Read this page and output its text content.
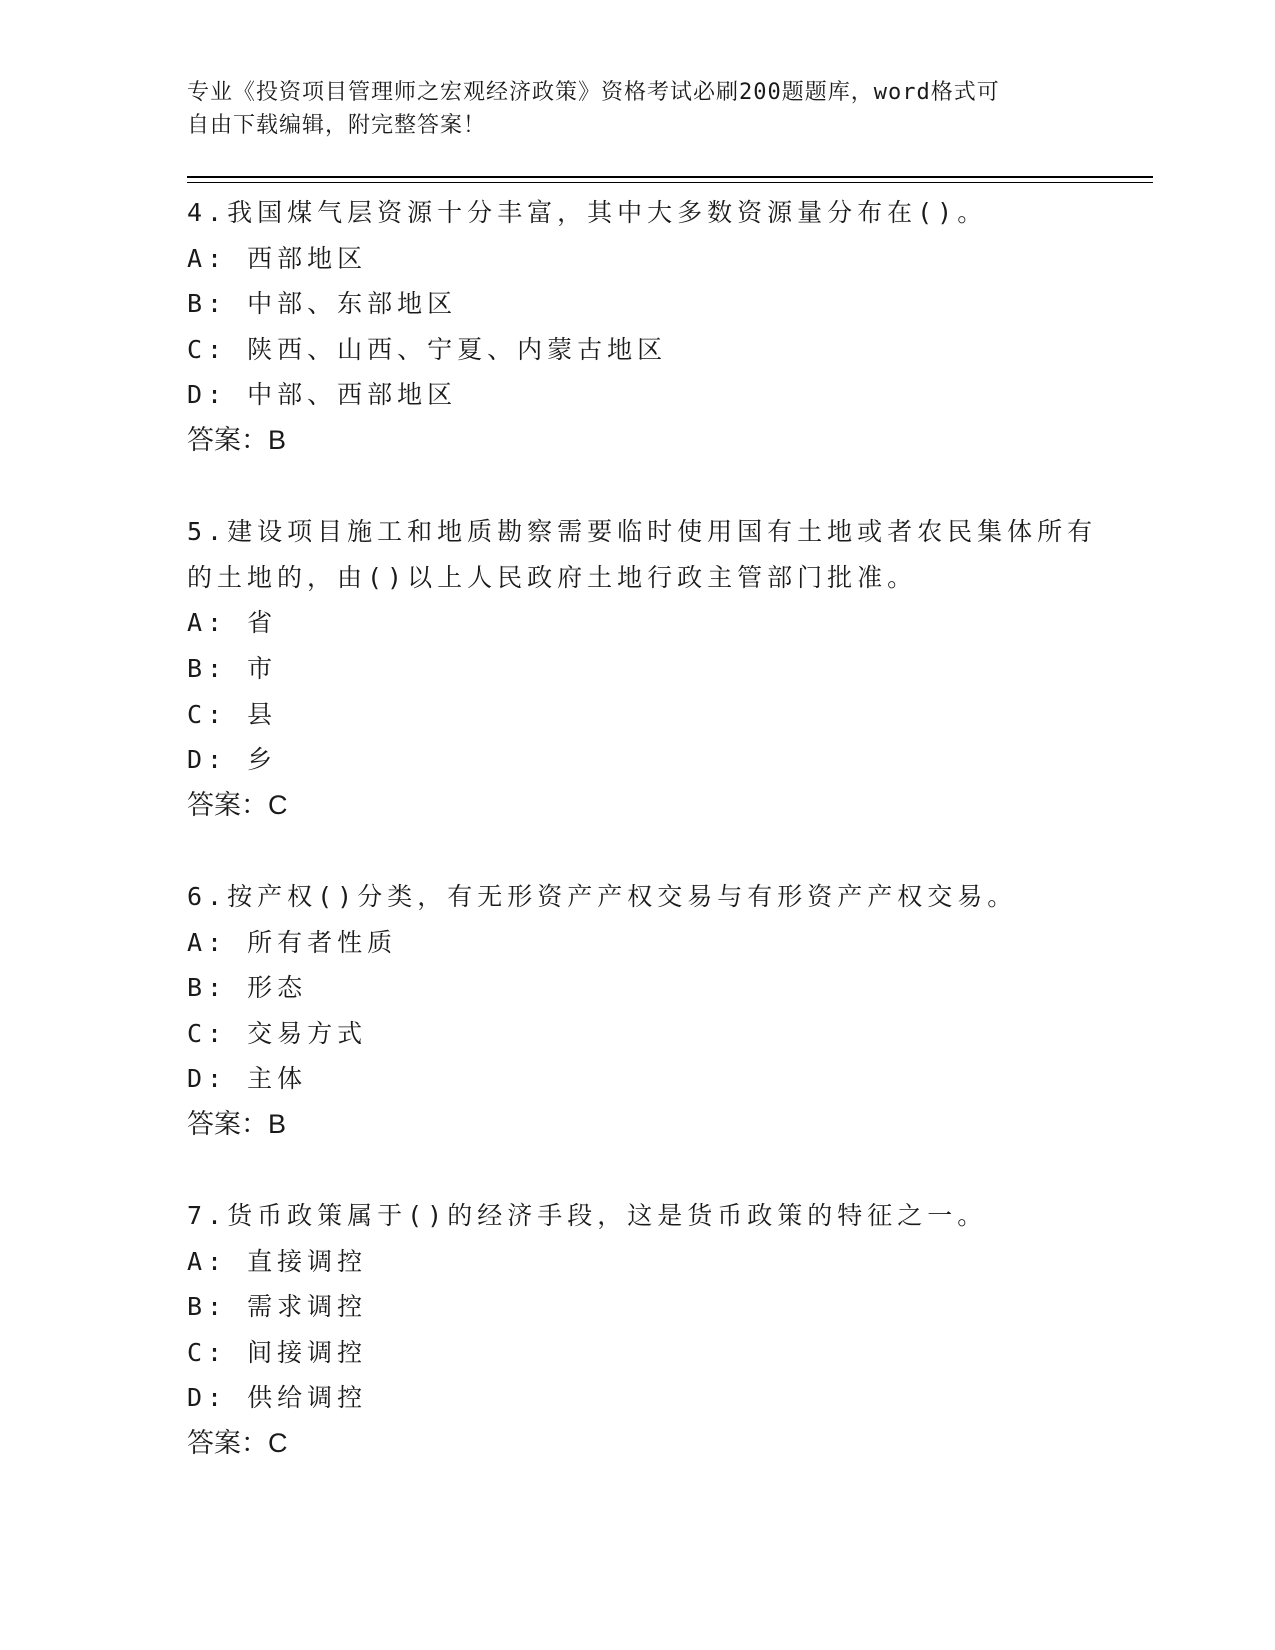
专业《投资项目管理师之宏观经济政策》资格考试必刷200题题库，word格式可
自由下载编辑，附完整答案！
4.我国煤气层资源十分丰富，其中大多数资源量分布在()。
A: 西部地区
B: 中部、东部地区
C: 陕西、山西、宁夏、内蒙古地区
D: 中部、西部地区
答案：B
5.建设项目施工和地质勘察需要临时使用国有土地或者农民集体所有
的土地的，由()以上人民政府土地行政主管部门批准。
A: 省
B: 市
C: 县
D: 乡
答案：C
6.按产权()分类，有无形资产产权交易与有形资产产权交易。
A: 所有者性质
B: 形态
C: 交易方式
D: 主体
答案：B
7.货币政策属于()的经济手段，这是货币政策的特征之一。
A: 直接调控
B: 需求调控
C: 间接调控
D: 供给调控
答案：C
